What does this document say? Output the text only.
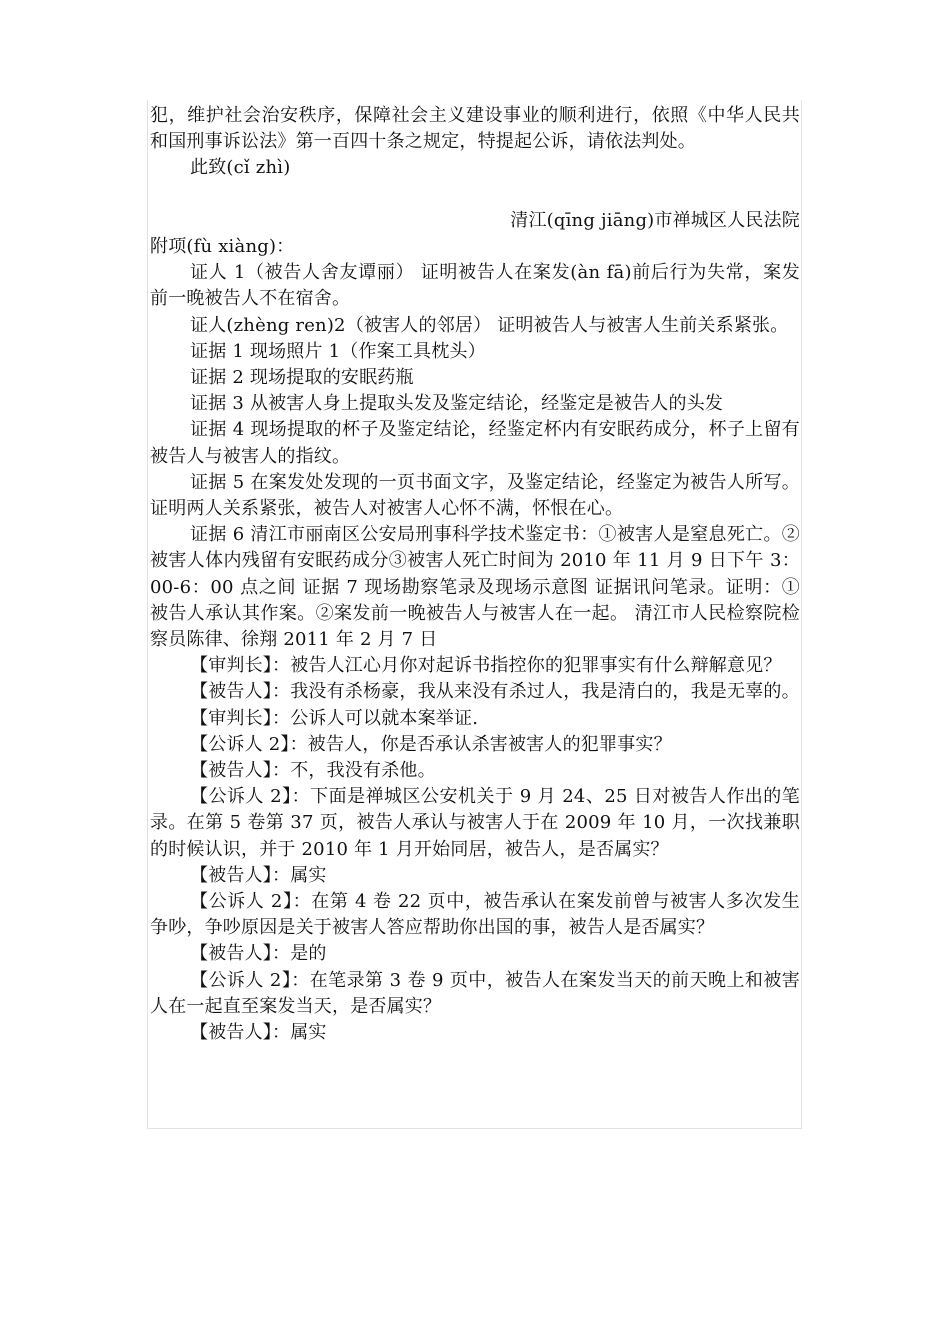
犯，维护社会治安秩序，保障社会主义建设事业的顺利进行，依照《中华人民共和国刑事诉讼法》第一百四十条之规定，特提起公诉，请依法判处。

此致(cǐ zhì)

清江(qīng jiāng)市禅城区人民法院

附项(fù xiàng)：

证人 1（被告人舍友谭丽） 证明被告人在案发(àn fā)前后行为失常，案发前一晚被告人不在宿舍。

证人(zhèng ren)2（被害人的邻居） 证明被告人与被害人生前关系紧张。

证据 1 现场照片 1（作案工具枕头）

证据 2 现场提取的安眠药瓶

证据 3 从被害人身上提取头发及鉴定结论，经鉴定是被告人的头发

证据 4 现场提取的杯子及鉴定结论，经鉴定杯内有安眠药成分，杯子上留有被告人与被害人的指纹。

证据 5 在案发处发现的一页书面文字，及鉴定结论，经鉴定为被告人所写。证明两人关系紧张，被告人对被害人心怀不满，怀恨在心。

证据 6 清江市丽南区公安局刑事科学技术鉴定书：①被害人是窒息死亡。②被害人体内残留有安眠药成分③被害人死亡时间为 2010 年 11 月 9 日下午 3：00-6：00 点之间 证据 7 现场勘察笔录及现场示意图 证据讯问笔录。证明：①被告人承认其作案。②案发前一晚被告人与被害人在一起。 清江市人民检察院检察员陈律、徐翔 2011 年 2 月 7 日

【审判长】：被告人江心月你对起诉书指控你的犯罪事实有什么辩解意见？

【被告人】：我没有杀杨豪，我从来没有杀过人，我是清白的，我是无辜的。

【审判长】：公诉人可以就本案举证.

【公诉人 2】：被告人，你是否承认杀害被害人的犯罪事实？

【被告人】：不，我没有杀他。

【公诉人 2】：下面是禅城区公安机关于 9 月 24、25 日对被告人作出的笔录。在第 5 卷第 37 页，被告人承认与被害人于在 2009 年 10 月，一次找兼职的时候认识，并于 2010 年 1 月开始同居，被告人，是否属实？

【被告人】：属实

【公诉人 2】：在第 4 卷 22 页中，被告承认在案发前曾与被害人多次发生争吵，争吵原因是关于被害人答应帮助你出国的事，被告人是否属实？

【被告人】：是的

【公诉人 2】：在笔录第 3 卷 9 页中，被告人在案发当天的前天晚上和被害人在一起直至案发当天，是否属实？

【被告人】：属实
